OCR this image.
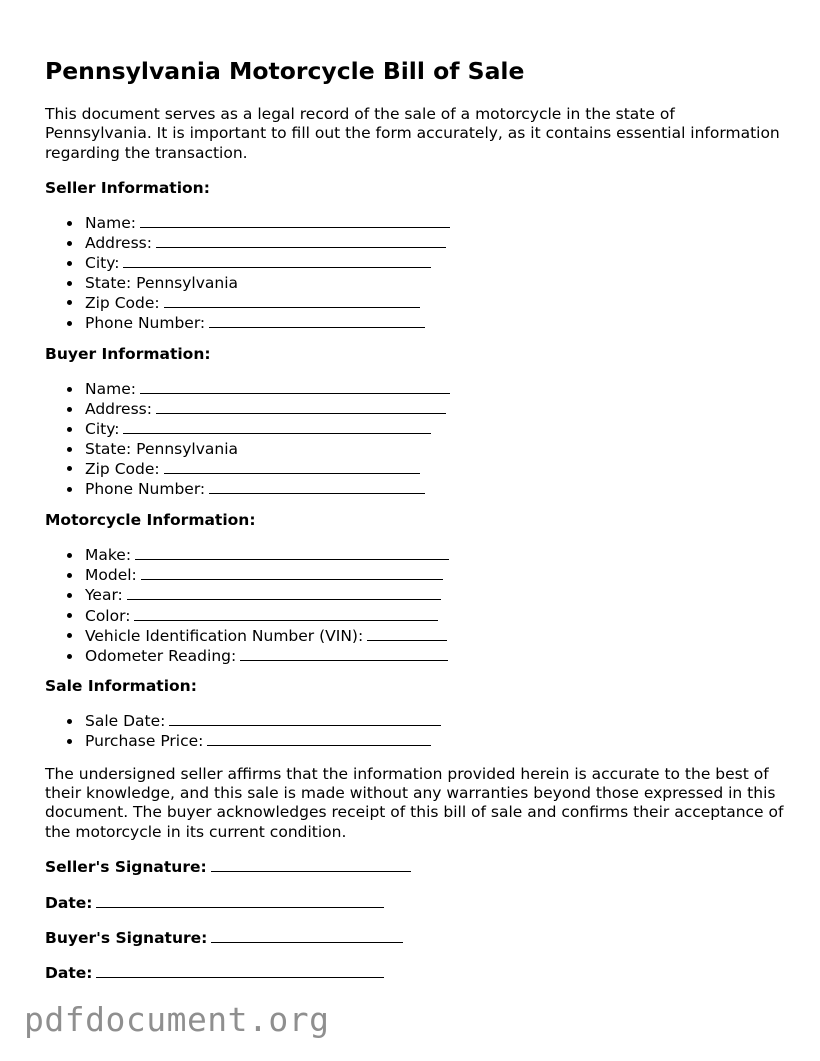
Pennsylvania Motorcycle Bill of Sale

This document serves as a legal record of the sale of a motorcycle in the state of Pennsylvania. It is important to fill out the form accurately, as it contains essential information regarding the transaction.

Seller Information:

Name:
Address:
City:
State: Pennsylvania
Zip Code:
Phone Number:

Buyer Information:

Name:
Address:
City:
State: Pennsylvania
Zip Code:
Phone Number:

Motorcycle Information:

Make:
Model:
Year:
Color:
Vehicle Identification Number (VIN):
Odometer Reading:

Sale Information:

Sale Date:
Purchase Price:

The undersigned seller affirms that the information provided herein is accurate to the best of their knowledge, and this sale is made without any warranties beyond those expressed in this document. The buyer acknowledges receipt of this bill of sale and confirms their acceptance of the motorcycle in its current condition.

Seller's Signature:

Date:

Buyer's Signature:

Date:

pdfdocument.org
